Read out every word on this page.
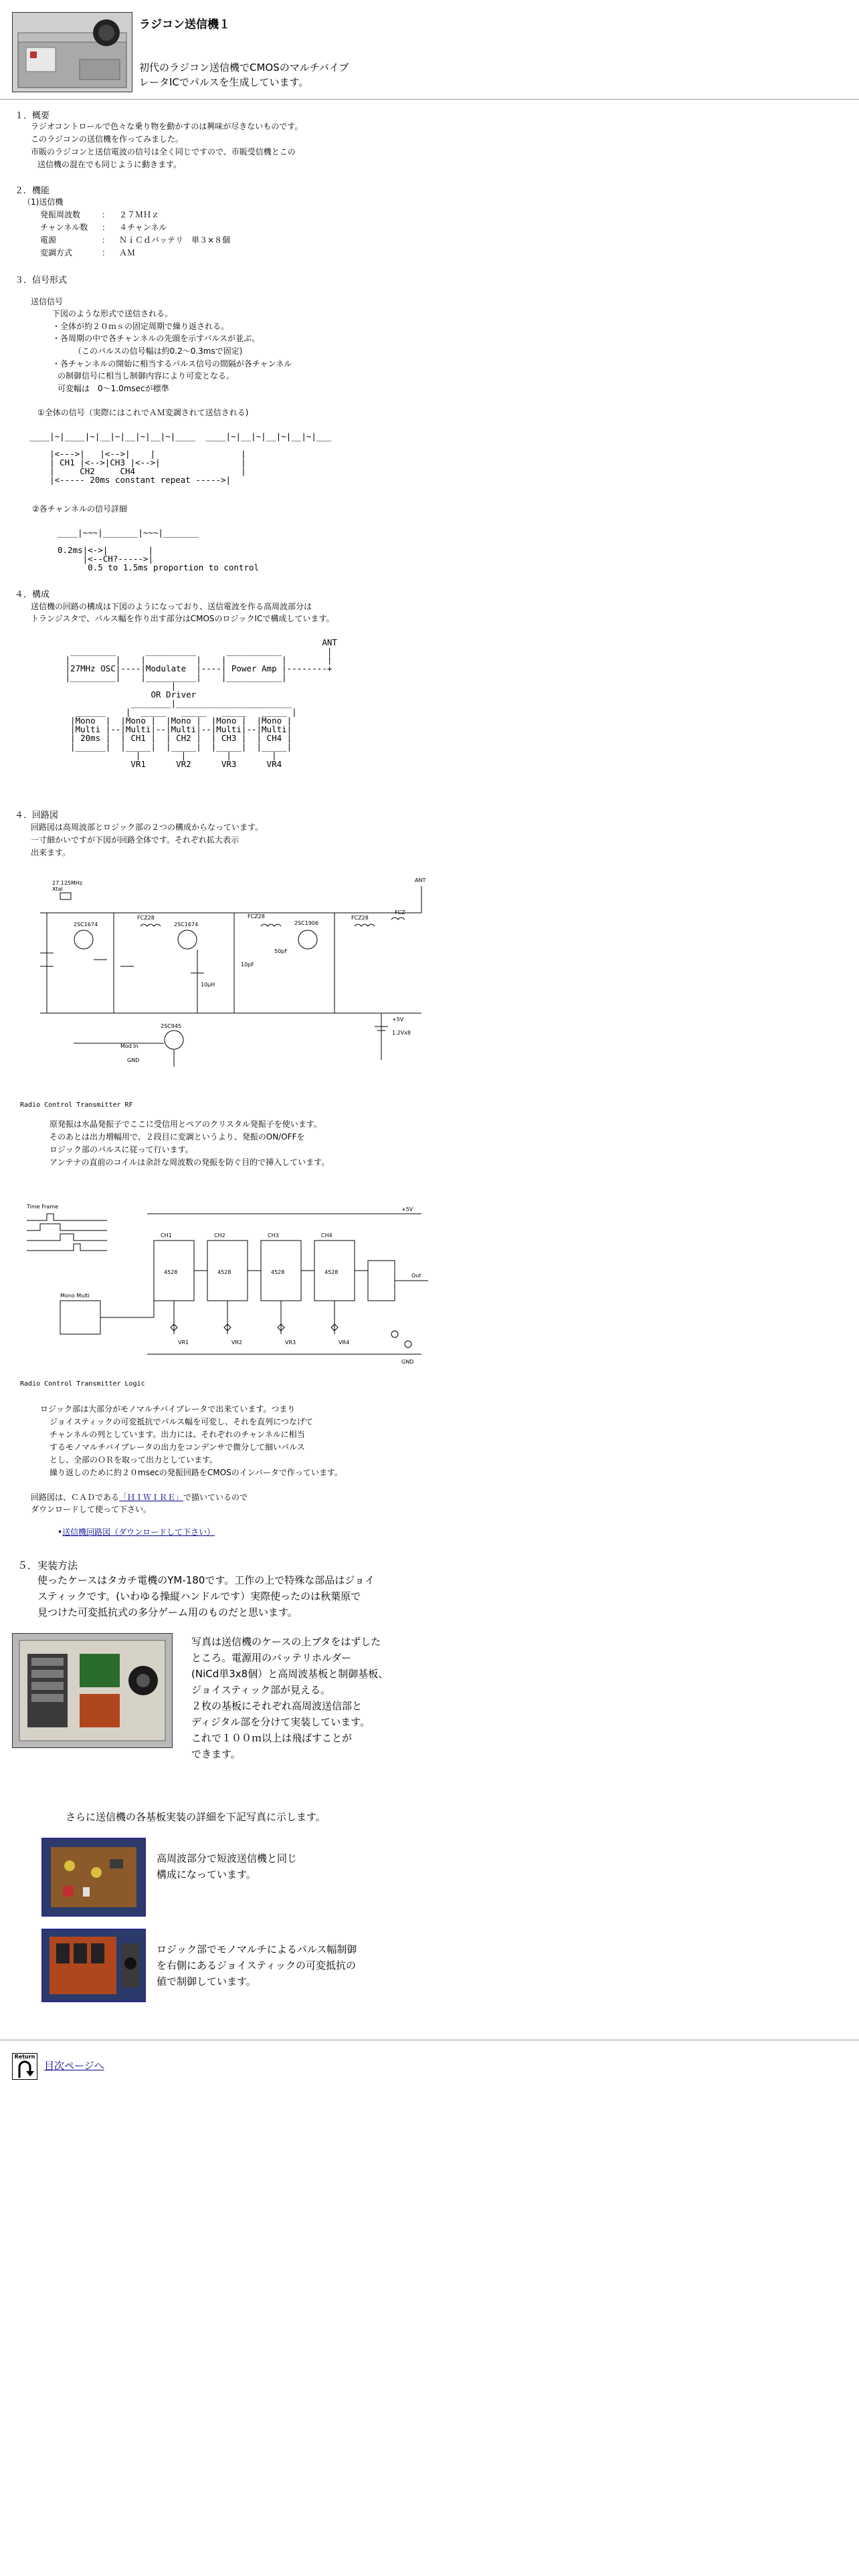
ラジコン送信機１
初代のラジコン送信機でCMOSのマルチバイブ
レータICでパルスを生成しています。
１．概要
ラジオコントロールで色々な乗り物を動かすのは興味が尽きないものです。
このラジコンの送信機を作ってみました。
市販のラジコンと送信電波の信号は全く同じですので、市販受信機とこの
送信機の混在でも同じように動きます。
２．機能
（1)送信機
発振周波数	： ２７ＭＨｚ
チャンネル数 ： ４チャンネル
電源	： ＮｉＣｄバッテリ　単３×８個
変調方式	： ＡＭ
３．信号形式
送信信号
下図のような形式で送信される。
・全体が約２０ｍｓの固定周期で繰り返される。
・各周期の中で各チャンネルの先頭を示すパルスが並ぶ。
（このパルスの信号幅は約0.2〜0.3msで固定)
・各チャンネルの開始に相当するパルス信号の間隔が各チャンネル
の制御信号に相当し制御内容により可変となる。
可変幅は　0〜1.0msecが標準
①全体の信号（実際にはこれでＡＭ変調されて送信される)
____|~|____|~|__|~|__|~|__|~|____  ____|~|__|~|__|~|__|~|___

|<--->|   |<-->|    |                 |
| CH1 |<-->|CH3 |<-->|                |
|     CH2     CH4                     |
|<----- 20ms constant repeat ----->|
②各チャンネルの信号詳細
____|~~~|_______|~~~|_______

0.2ms|<->|        |
|<--CH?----->|
0.5 to 1.5ms proportion to control
４．構成
送信機の回路の構成は下図のようになっており、送信電波を作る高周波部分は
トランジスタで、パルス幅を作り出す部分はCMOSのロジックICで構成しています。
ANT
_________      __________      ___________         |
|         |    |          |    |           |        |
|27MHz OSC|----|Modulate  |----| Power Amp |--------+
|_________|    |__________|    |___________|
|
OR Driver
________|_______________________
______    |  _____   _____   _____   _____ |
|Mono  |  |Mono |  |Mono |  |Mono |  |Mono |
|Multi |--|Multi|--|Multi|--|Multi|--|Multi|
| 20ms |  | CH1 |  | CH2 |  | CH3 |  | CH4 |
|______|  |_____|  |_____|  |_____|  |_____|
|        |        |        |
VR1      VR2      VR3      VR4
４．回路図
回路図は高周波部とロジック部の２つの構成からなっています。
一寸細かいですが下図が回路全体です。それぞれ拡大表示
出来ます。
27.125MHz
Xtal
2SC1674
FCZ28
2SC1674
FCZ28
2SC1906
FCZ28
FCZ
ANT
10μH
50pF
10pF
+5V
1.2Vx8
2SC945
Mod In
GND
Radio Control Transmitter RF
原発振は水晶発振子でここに受信用とペアのクリスタル発振子を使います。
そのあとは出力増幅用で、２段目に変調というより、発振のON/OFFを
ロジック部のパルスに従って行います。
アンテナの直前のコイルは余計な周波数の発振を防ぐ目的で挿入しています。
Time Frame
Mono Multi
CH1	CH2	CH3	CH4
Out
4528	4528	4528	4528
VR1	VR2	VR3	VR4
+5V
GND
Radio Control Transmitter Logic
ロジック部は大部分がモノマルチバイブレータで出来ています。つまり
ジョイスティックの可変抵抗でパルス幅を可変し、それを直列につなげて
チャンネルの列としています。出力には、それぞれのチャンネルに相当
するモノマルチバイブレータの出力をコンデンサで微分して細いパルス
とし、全部のＯＲを取って出力としています。
繰り返しのために約２０msecの発振回路をCMOSのインバータで作っています。
回路図は、ＣＡＤである「ＨＩＷＩＲＥ」で描いているので
ダウンロードして使って下さい。
•送信機回路図（ダウンロードして下さい）
５．実装方法
使ったケースはタカチ電機のYM-180です。工作の上で特殊な部品はジョイ
スティックです。(いわゆる操縦ハンドルです）実際使ったのは秋葉原で
見つけた可変抵抗式の多分ゲーム用のものだと思います。
写真は送信機のケースの上ブタをはずした
ところ。電源用のバッテリホルダー
(NiCd単3x8個）と高周波基板と制御基板、
ジョイスティック部が見える。
２枚の基板にそれぞれ高周波送信部と
ディジタル部を分けて実装しています。
これで１００ｍ以上は飛ばすことが
できます。
さらに送信機の各基板実装の詳細を下記写真に示します。
高周波部分で短波送信機と同じ
構成になっています。
ロジック部でモノマルチによるパルス幅制御
を右側にあるジョイスティックの可変抵抗の
値で制御しています。
Return
目次ページへ
